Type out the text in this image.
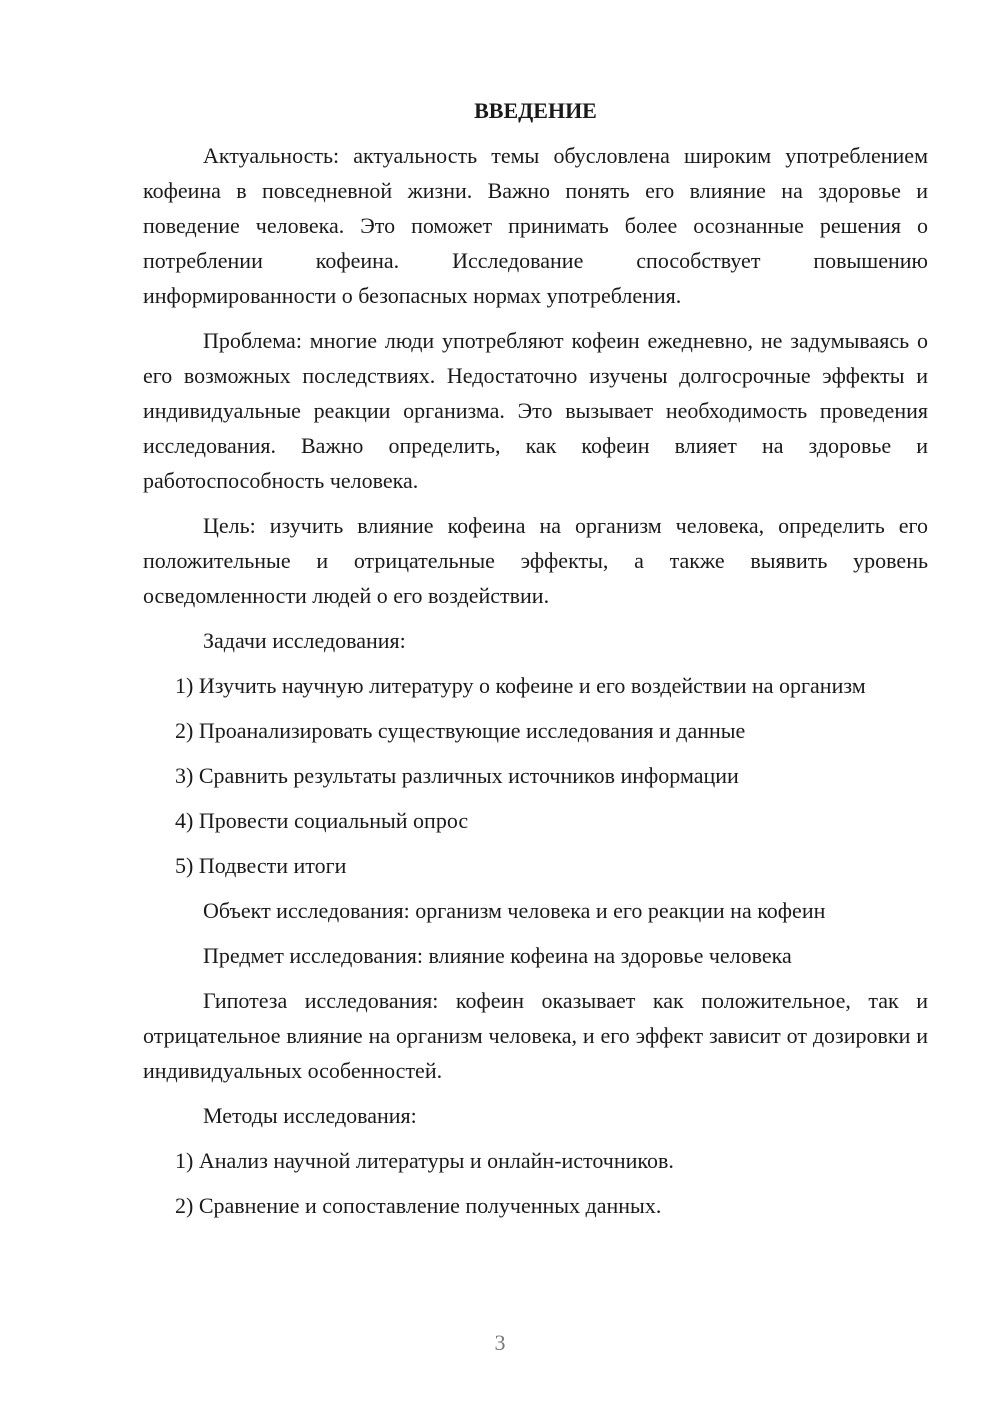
ВВЕДЕНИЕ

Актуальность: актуальность темы обусловлена широким употреблением кофеина в повседневной жизни. Важно понять его влияние на здоровье и поведение человека. Это поможет принимать более осознанные решения о потреблении кофеина. Исследование способствует повышению информированности о безопасных нормах употребления.

Проблема: многие люди употребляют кофеин ежедневно, не задумываясь о его возможных последствиях. Недостаточно изучены долгосрочные эффекты и индивидуальные реакции организма. Это вызывает необходимость проведения исследования. Важно определить, как кофеин влияет на здоровье и работоспособность человека.

Цель: изучить влияние кофеина на организм человека, определить его положительные и отрицательные эффекты, а также выявить уровень осведомленности людей о его воздействии.

Задачи исследования:

1) Изучить научную литературу о кофеине и его воздействии на организм

2) Проанализировать существующие исследования и данные

3) Сравнить результаты различных источников информации

4) Провести социальный опрос

5) Подвести итоги

Объект исследования: организм человека и его реакции на кофеин

Предмет исследования: влияние кофеина на здоровье человека

Гипотеза исследования: кофеин оказывает как положительное, так и отрицательное влияние на организм человека, и его эффект зависит от дозировки и индивидуальных особенностей.

Методы исследования:

1) Анализ научной литературы и онлайн-источников.

2) Сравнение и сопоставление полученных данных.

3
